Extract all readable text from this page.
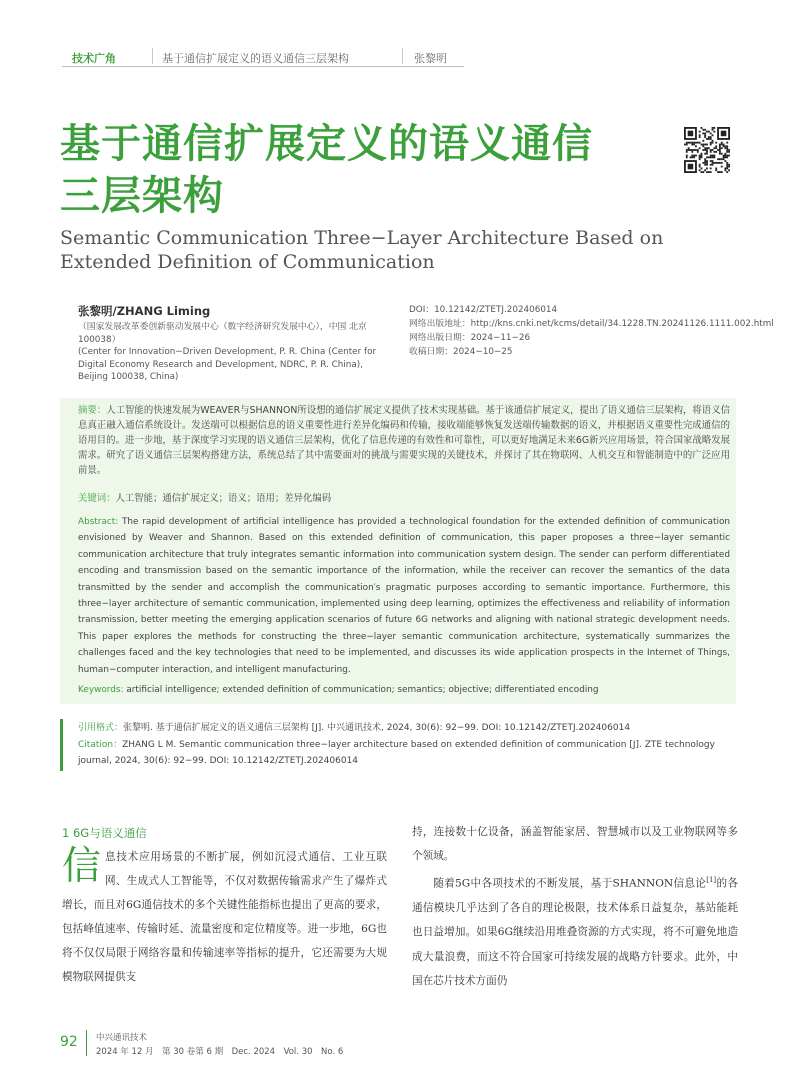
技术广角	基于通信扩展定义的语义通信三层架构	张黎明
基于通信扩展定义的语义通信
三层架构
Semantic Communication Three−Layer Architecture Based on
Extended Definition of Communication
张黎明/ZHANG Liming
（国家发展改革委创新驱动发展中心（数字经济研究发展中心），中国 北京 100038）
(Center for Innovation−Driven Development, P. R. China (Center for Digital Economy Research and Development, NDRC, P. R. China), Beijing 100038, China)
DOI：10.12142/ZTETJ.202406014
网络出版地址：http://kns.cnki.net/kcms/detail/34.1228.TN.20241126.1111.002.html
网络出版日期：2024−11−26
收稿日期：2024−10−25
摘要：人工智能的快速发展为WEAVER与SHANNON所设想的通信扩展定义提供了技术实现基础。基于该通信扩展定义，提出了语义通信三层架构，将语义信息真正融入通信系统设计。发送端可以根据信息的语义重要性进行差异化编码和传输，接收端能够恢复发送端传输数据的语义，并根据语义重要性完成通信的语用目的。进一步地，基于深度学习实现的语义通信三层架构，优化了信息传递的有效性和可靠性，可以更好地满足未来6G新兴应用场景，符合国家战略发展需求。研究了语义通信三层架构搭建方法，系统总结了其中需要面对的挑战与需要实现的关键技术，并探讨了其在物联网、人机交互和智能制造中的广泛应用前景。
关键词：人工智能；通信扩展定义；语义；语用；差异化编码
Abstract: The rapid development of artificial intelligence has provided a technological foundation for the extended definition of communication envisioned by Weaver and Shannon. Based on this extended definition of communication, this paper proposes a three−layer semantic communication architecture that truly integrates semantic information into communication system design. The sender can perform differentiated encoding and transmission based on the semantic importance of the information, while the receiver can recover the semantics of the data transmitted by the sender and accomplish the communication′s pragmatic purposes according to semantic importance. Furthermore, this three−layer architecture of semantic communication, implemented using deep learning, optimizes the effectiveness and reliability of information transmission, better meeting the emerging application scenarios of future 6G networks and aligning with national strategic development needs. This paper explores the methods for constructing the three−layer semantic communication architecture, systematically summarizes the challenges faced and the key technologies that need to be implemented, and discusses its wide application prospects in the Internet of Things, human−computer interaction, and intelligent manufacturing.
Keywords: artificial intelligence; extended definition of communication; semantics; objective; differentiated encoding
引用格式：张黎明. 基于通信扩展定义的语义通信三层架构 [J]. 中兴通讯技术, 2024, 30(6): 92−99. DOI: 10.12142/ZTETJ.202406014
Citation：ZHANG L M. Semantic communication three−layer architecture based on extended definition of communication [J]. ZTE technology journal, 2024, 30(6): 92−99. DOI: 10.12142/ZTETJ.202406014
1 6G与语义通信
信息技术应用场景的不断扩展，例如沉浸式通信、工业互联网、生成式人工智能等，不仅对数据传输需求产生了爆炸式增长，而且对6G通信技术的多个关键性能指标也提出了更高的要求，包括峰值速率、传输时延、流量密度和定位精度等。进一步地，6G也将不仅仅局限于网络容量和传输速率等指标的提升，它还需要为大规模物联网提供支
持，连接数十亿设备，涵盖智能家居、智慧城市以及工业物联网等多个领域。
随着5G中各项技术的不断发展，基于SHANNON信息论[1]的各通信模块几乎达到了各自的理论极限，技术体系日益复杂，基站能耗也日益增加。如果6G继续沿用堆叠资源的方式实现，将不可避免地造成大量浪费，而这不符合国家可持续发展的战略方针要求。此外，中国在芯片技术方面仍
92 中兴通讯技术
2024 年 12 月　第 30 卷第 6 期　Dec. 2024　Vol. 30　No. 6
